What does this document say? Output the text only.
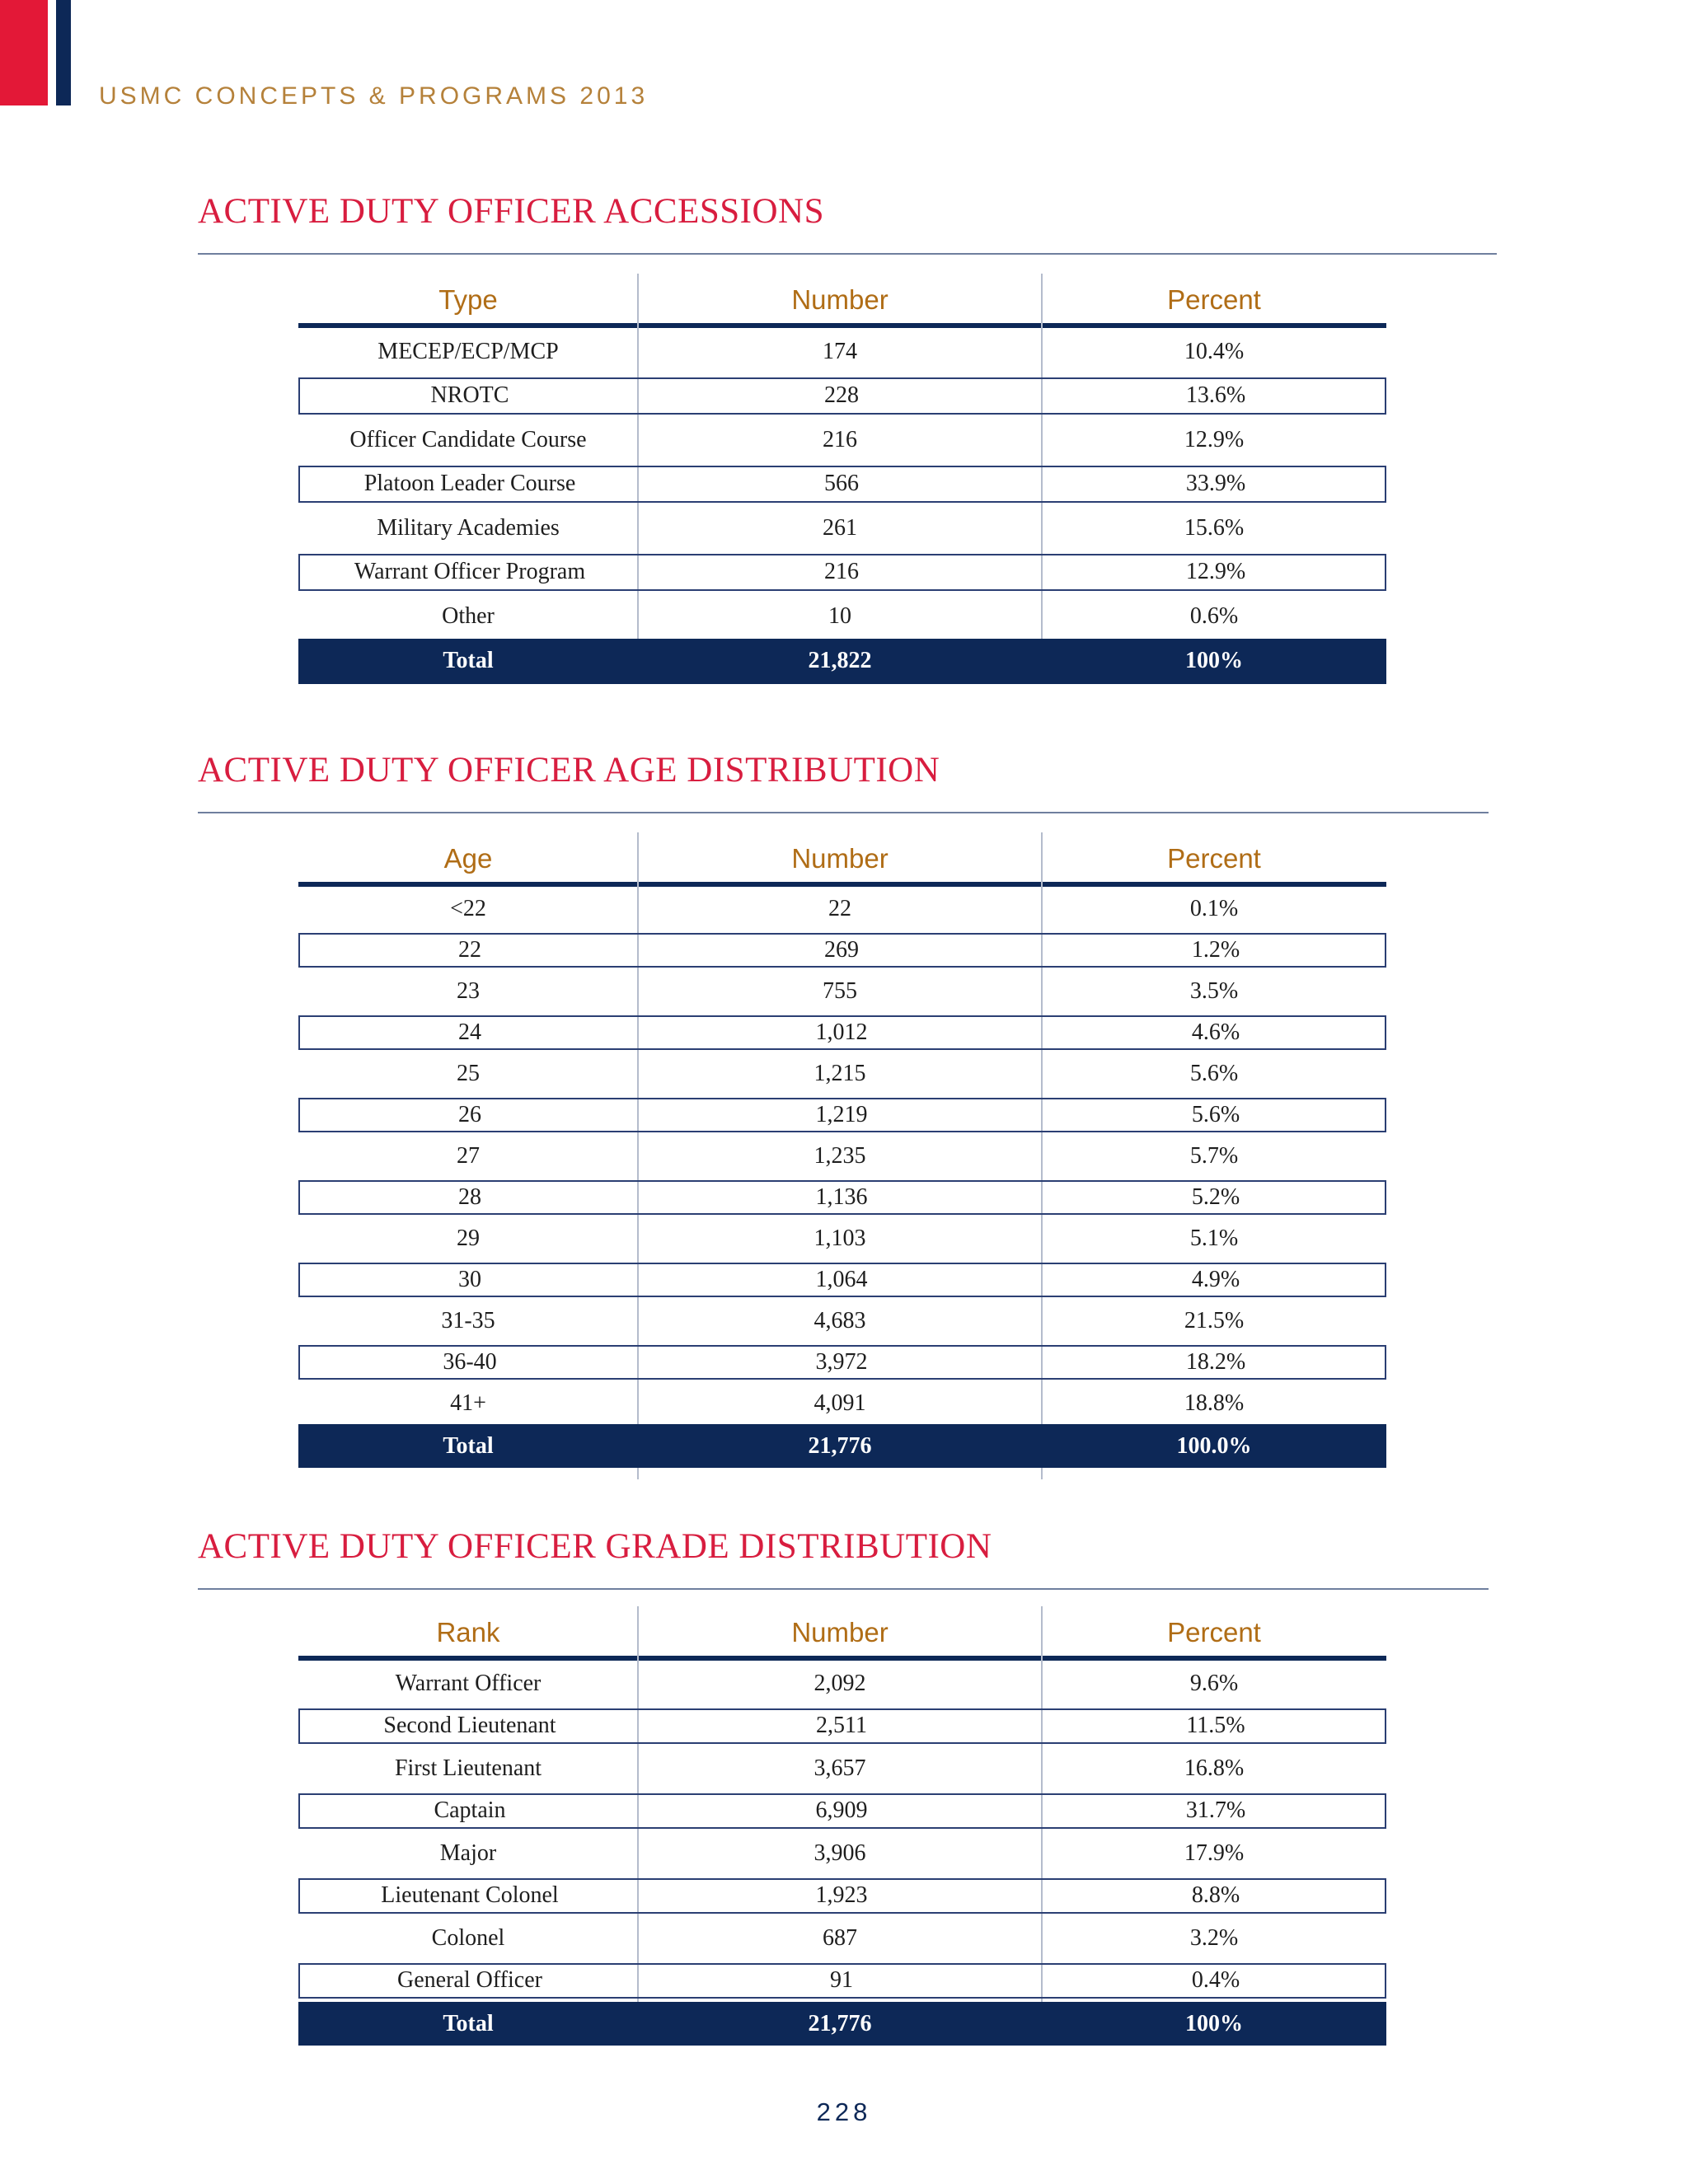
USMC CONCEPTS & PROGRAMS 2013
ACTIVE DUTY OFFICER ACCESSIONS
Type	Number	Percent
MECEP/ECP/MCP	174	10.4%
NROTC	228	13.6%
Officer Candidate Course	216	12.9%
Platoon Leader Course	566	33.9%
Military Academies	261	15.6%
Warrant Officer Program	216	12.9%
Other	10	0.6%
Total	21,822	100%
ACTIVE DUTY OFFICER AGE DISTRIBUTION
Age	Number	Percent
<22	22	0.1%
22	269	1.2%
23	755	3.5%
24	1,012	4.6%
25	1,215	5.6%
26	1,219	5.6%
27	1,235	5.7%
28	1,136	5.2%
29	1,103	5.1%
30	1,064	4.9%
31-35	4,683	21.5%
36-40	3,972	18.2%
41+	4,091	18.8%
Total	21,776	100.0%
ACTIVE DUTY OFFICER GRADE DISTRIBUTION
Rank	Number	Percent
Warrant Officer	2,092	9.6%
Second Lieutenant	2,511	11.5%
First Lieutenant	3,657	16.8%
Captain	6,909	31.7%
Major	3,906	17.9%
Lieutenant Colonel	1,923	8.8%
Colonel	687	3.2%
General Officer	91	0.4%
Total	21,776	100%
228
